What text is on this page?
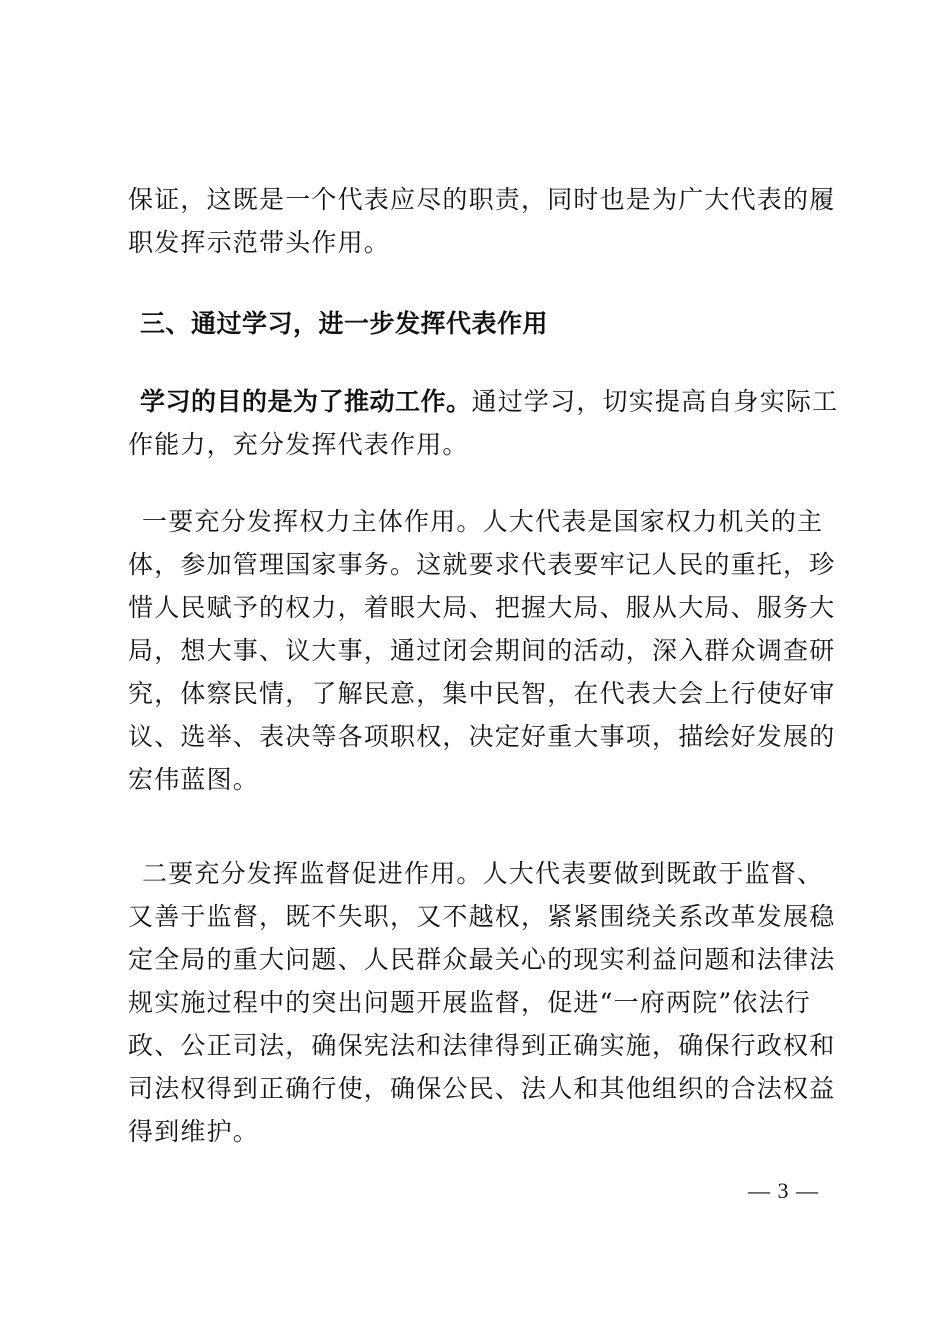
保证，这既是一个代表应尽的职责，同时也是为广大代表的履职发挥示范带头作用。

三、通过学习，进一步发挥代表作用

学习的目的是为了推动工作。通过学习，切实提高自身实际工作能力，充分发挥代表作用。

一要充分发挥权力主体作用。人大代表是国家权力机关的主体，参加管理国家事务。这就要求代表要牢记人民的重托，珍惜人民赋予的权力，着眼大局、把握大局、服从大局、服务大局，想大事、议大事，通过闭会期间的活动，深入群众调查研究，体察民情，了解民意，集中民智，在代表大会上行使好审议、选举、表决等各项职权，决定好重大事项，描绘好发展的宏伟蓝图。

二要充分发挥监督促进作用。人大代表要做到既敢于监督、又善于监督，既不失职，又不越权，紧紧围绕关系改革发展稳定全局的重大问题、人民群众最关心的现实利益问题和法律法规实施过程中的突出问题开展监督，促进“一府两院”依法行政、公正司法，确保宪法和法律得到正确实施，确保行政权和司法权得到正确行使，确保公民、法人和其他组织的合法权益得到维护。

— 3 —
